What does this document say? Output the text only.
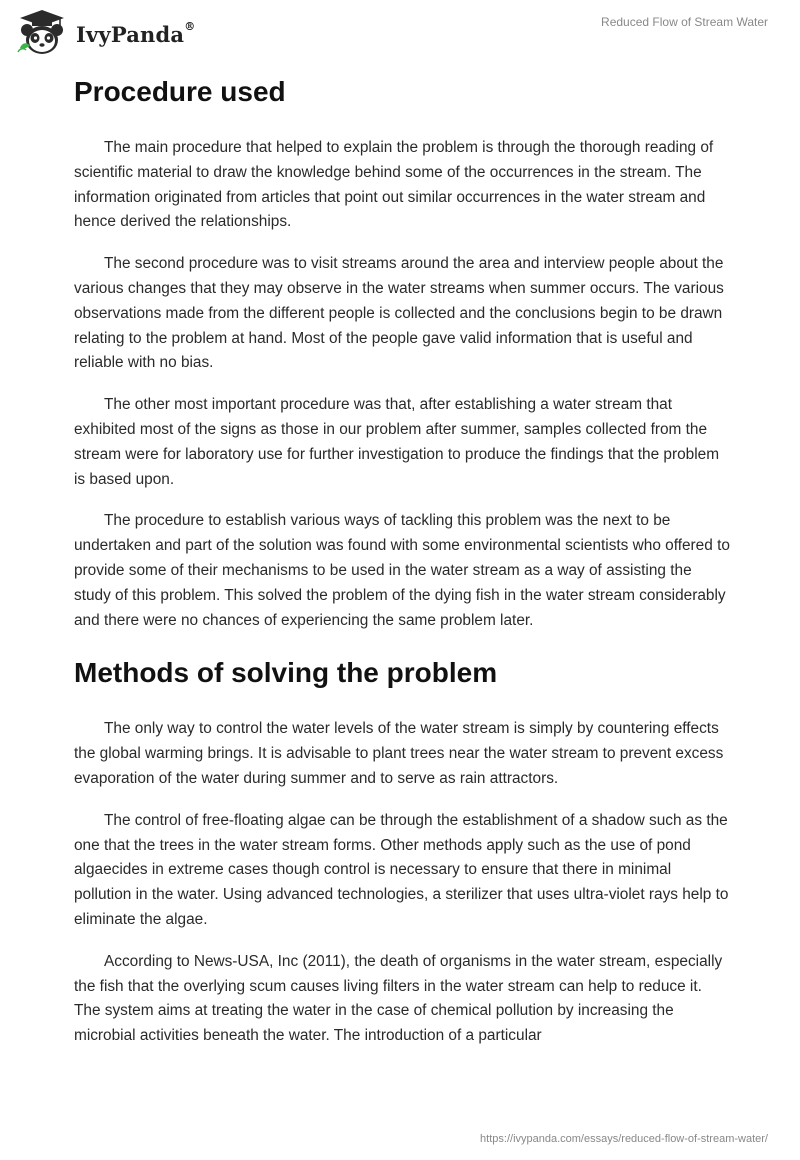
IvyPanda®	Reduced Flow of Stream Water
Procedure used

The main procedure that helped to explain the problem is through the thorough reading of scientific material to draw the knowledge behind some of the occurrences in the stream. The information originated from articles that point out similar occurrences in the water stream and hence derived the relationships.

The second procedure was to visit streams around the area and interview people about the various changes that they may observe in the water streams when summer occurs. The various observations made from the different people is collected and the conclusions begin to be drawn relating to the problem at hand. Most of the people gave valid information that is useful and reliable with no bias.

The other most important procedure was that, after establishing a water stream that exhibited most of the signs as those in our problem after summer, samples collected from the stream were for laboratory use for further investigation to produce the findings that the problem is based upon.

The procedure to establish various ways of tackling this problem was the next to be undertaken and part of the solution was found with some environmental scientists who offered to provide some of their mechanisms to be used in the water stream as a way of assisting the study of this problem. This solved the problem of the dying fish in the water stream considerably and there were no chances of experiencing the same problem later.

Methods of solving the problem

The only way to control the water levels of the water stream is simply by countering effects the global warming brings. It is advisable to plant trees near the water stream to prevent excess evaporation of the water during summer and to serve as rain attractors.

The control of free-floating algae can be through the establishment of a shadow such as the one that the trees in the water stream forms. Other methods apply such as the use of pond algaecides in extreme cases though control is necessary to ensure that there in minimal pollution in the water. Using advanced technologies, a sterilizer that uses ultra-violet rays help to eliminate the algae.

According to News-USA, Inc (2011), the death of organisms in the water stream, especially the fish that the overlying scum causes living filters in the water stream can help to reduce it. The system aims at treating the water in the case of chemical pollution by increasing the microbial activities beneath the water. The introduction of a particular

https://ivypanda.com/essays/reduced-flow-of-stream-water/
